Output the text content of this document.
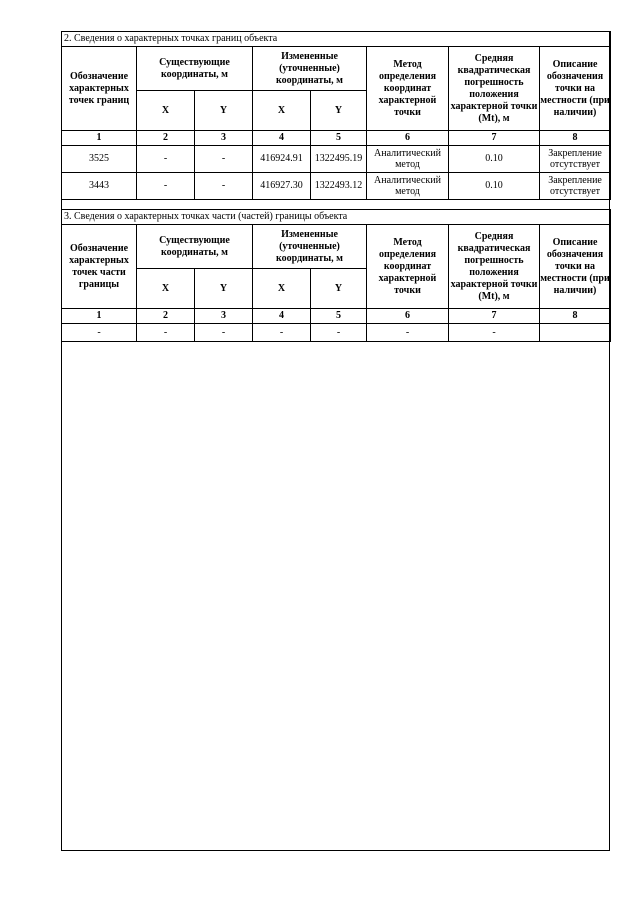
2. Сведения о характерных точках границ объекта							
Обозначение характерных точек границ	Существующие координаты, м		Измененные (уточненные) координаты, м		Метод определения координат характерной точки	Средняя квадратическая погрешность положения характерной точки (Mt), м	Описание обозначения точки на местности (при наличии)
	X	Y	X	Y			
1	2	3	4	5	6	7	8
3525	-	-	416924.91	1322495.19	Аналитический метод	0.10	Закрепление отсутствует
3443	-	-	416927.30	1322493.12	Аналитический метод	0.10	Закрепление отсутствует
3. Сведения о характерных точках части (частей) границы объекта							
Обозначение характерных точек части границы	Существующие координаты, м		Измененные (уточненные) координаты, м		Метод определения координат характерной точки	Средняя квадратическая погрешность положения характерной точки (Mt), м	Описание обозначения точки на местности (при наличии)
	X	Y	X	Y			
1	2	3	4	5	6	7	8
-	-	-	-	-	-	-	
